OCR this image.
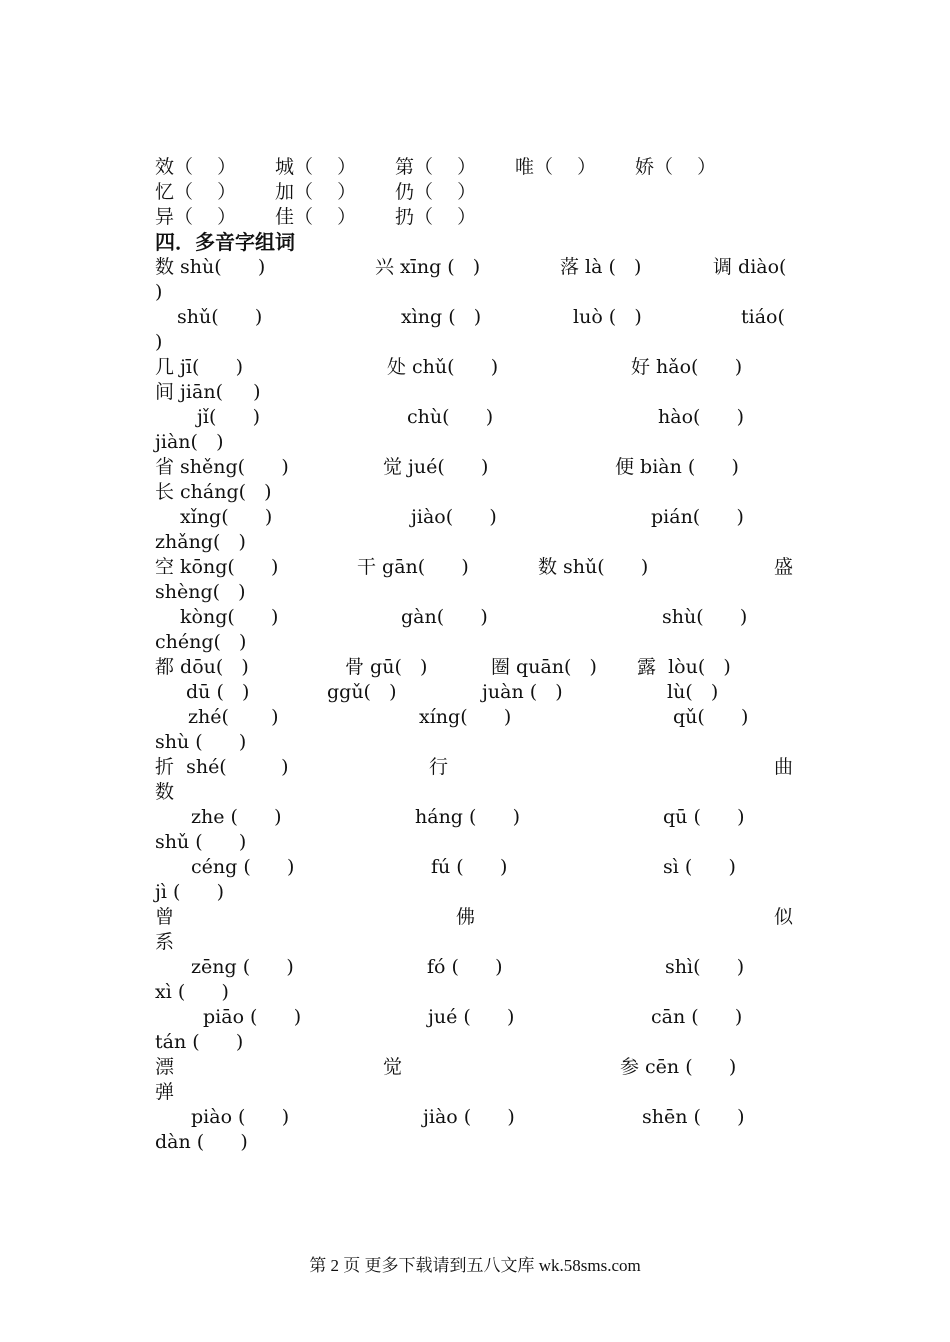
效（    ） 城（    ） 第（    ） 唯（    ） 娇（    ）
忆（    ） 加（    ） 仍（    ）
异（    ） 佳（    ） 扔（    ）
四．多音字组词
数 shù(      )	兴 xīng (   )	落 là (   )	调 diào(
)
shǔ(      )	xìng (   )	luò (   )	tiáo(
)
几 jī(      )	处 chǔ(      )	好 hǎo(      )
间 jiān(     )
jǐ(      )	chù(      )	hào(      )
jiàn(   )
省 shěng(      )	觉 jué(      )	便 biàn (      )
长 cháng(   )
xǐng(      )	jiào(      )	pián(      )
zhǎng(   )
空 kōng(      )	干 gān(      )	数 shǔ(      )	盛
shèng(   )
kòng(      )	gàn(      )	shù(      )
chéng(   )
都 dōu(   )	骨 gū(   )	圈 quān(   ) 露  lòu(   )
dū (   )	ggǔ(   )	juàn (   )	lù(   )
zhé(       )	xíng(      )	qǔ(      )
shù (      )
折  shé(         )	行	曲
数
zhe (      )	háng (      )	qū (      )
shǔ (      )
céng (      )	fú (      )	sì (      )
jì (      )
曾	佛	似
系
zēng (      )	fó (      )	shì(      )
xì (      )
piāo (      )	jué (      )	cān (      )
tán (      )
漂	觉	参 cēn (      )
弹
piào (      )	jiào (      )	shēn (      )
dàn (      )
第 2 页 更多下载请到五八文库 wk.58sms.com
